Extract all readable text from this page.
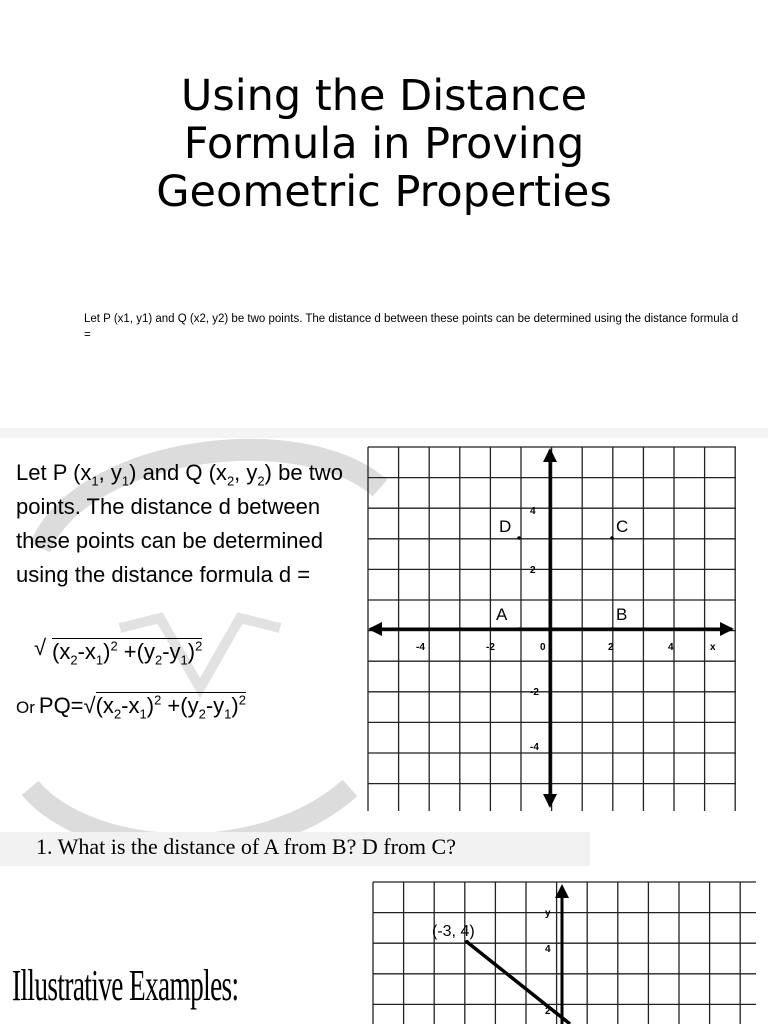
Using the Distance
Formula in Proving
Geometric Properties
Let P (x1, y1) and Q (x2, y2) be two points. The distance d between these points can be determined using the distance formula d =
Let P ($x_1$, $y_1$) and Q ($x_2$, $y_2$) be two points. The distance d between these points can be determined using the distance formula d =
√ $(x_2-x_1)^2 +(y_2-y_1)^2$
Or $PQ=√(x_2-x_1)^2 +(y_2-y_1)^2$
D	C
A	B
-4	-2	0	2	4	x
4
2
-2
-4
(-3, 4)
y
4
2
1. What is the distance of A from B? D from C?
Illustrative Examples:
